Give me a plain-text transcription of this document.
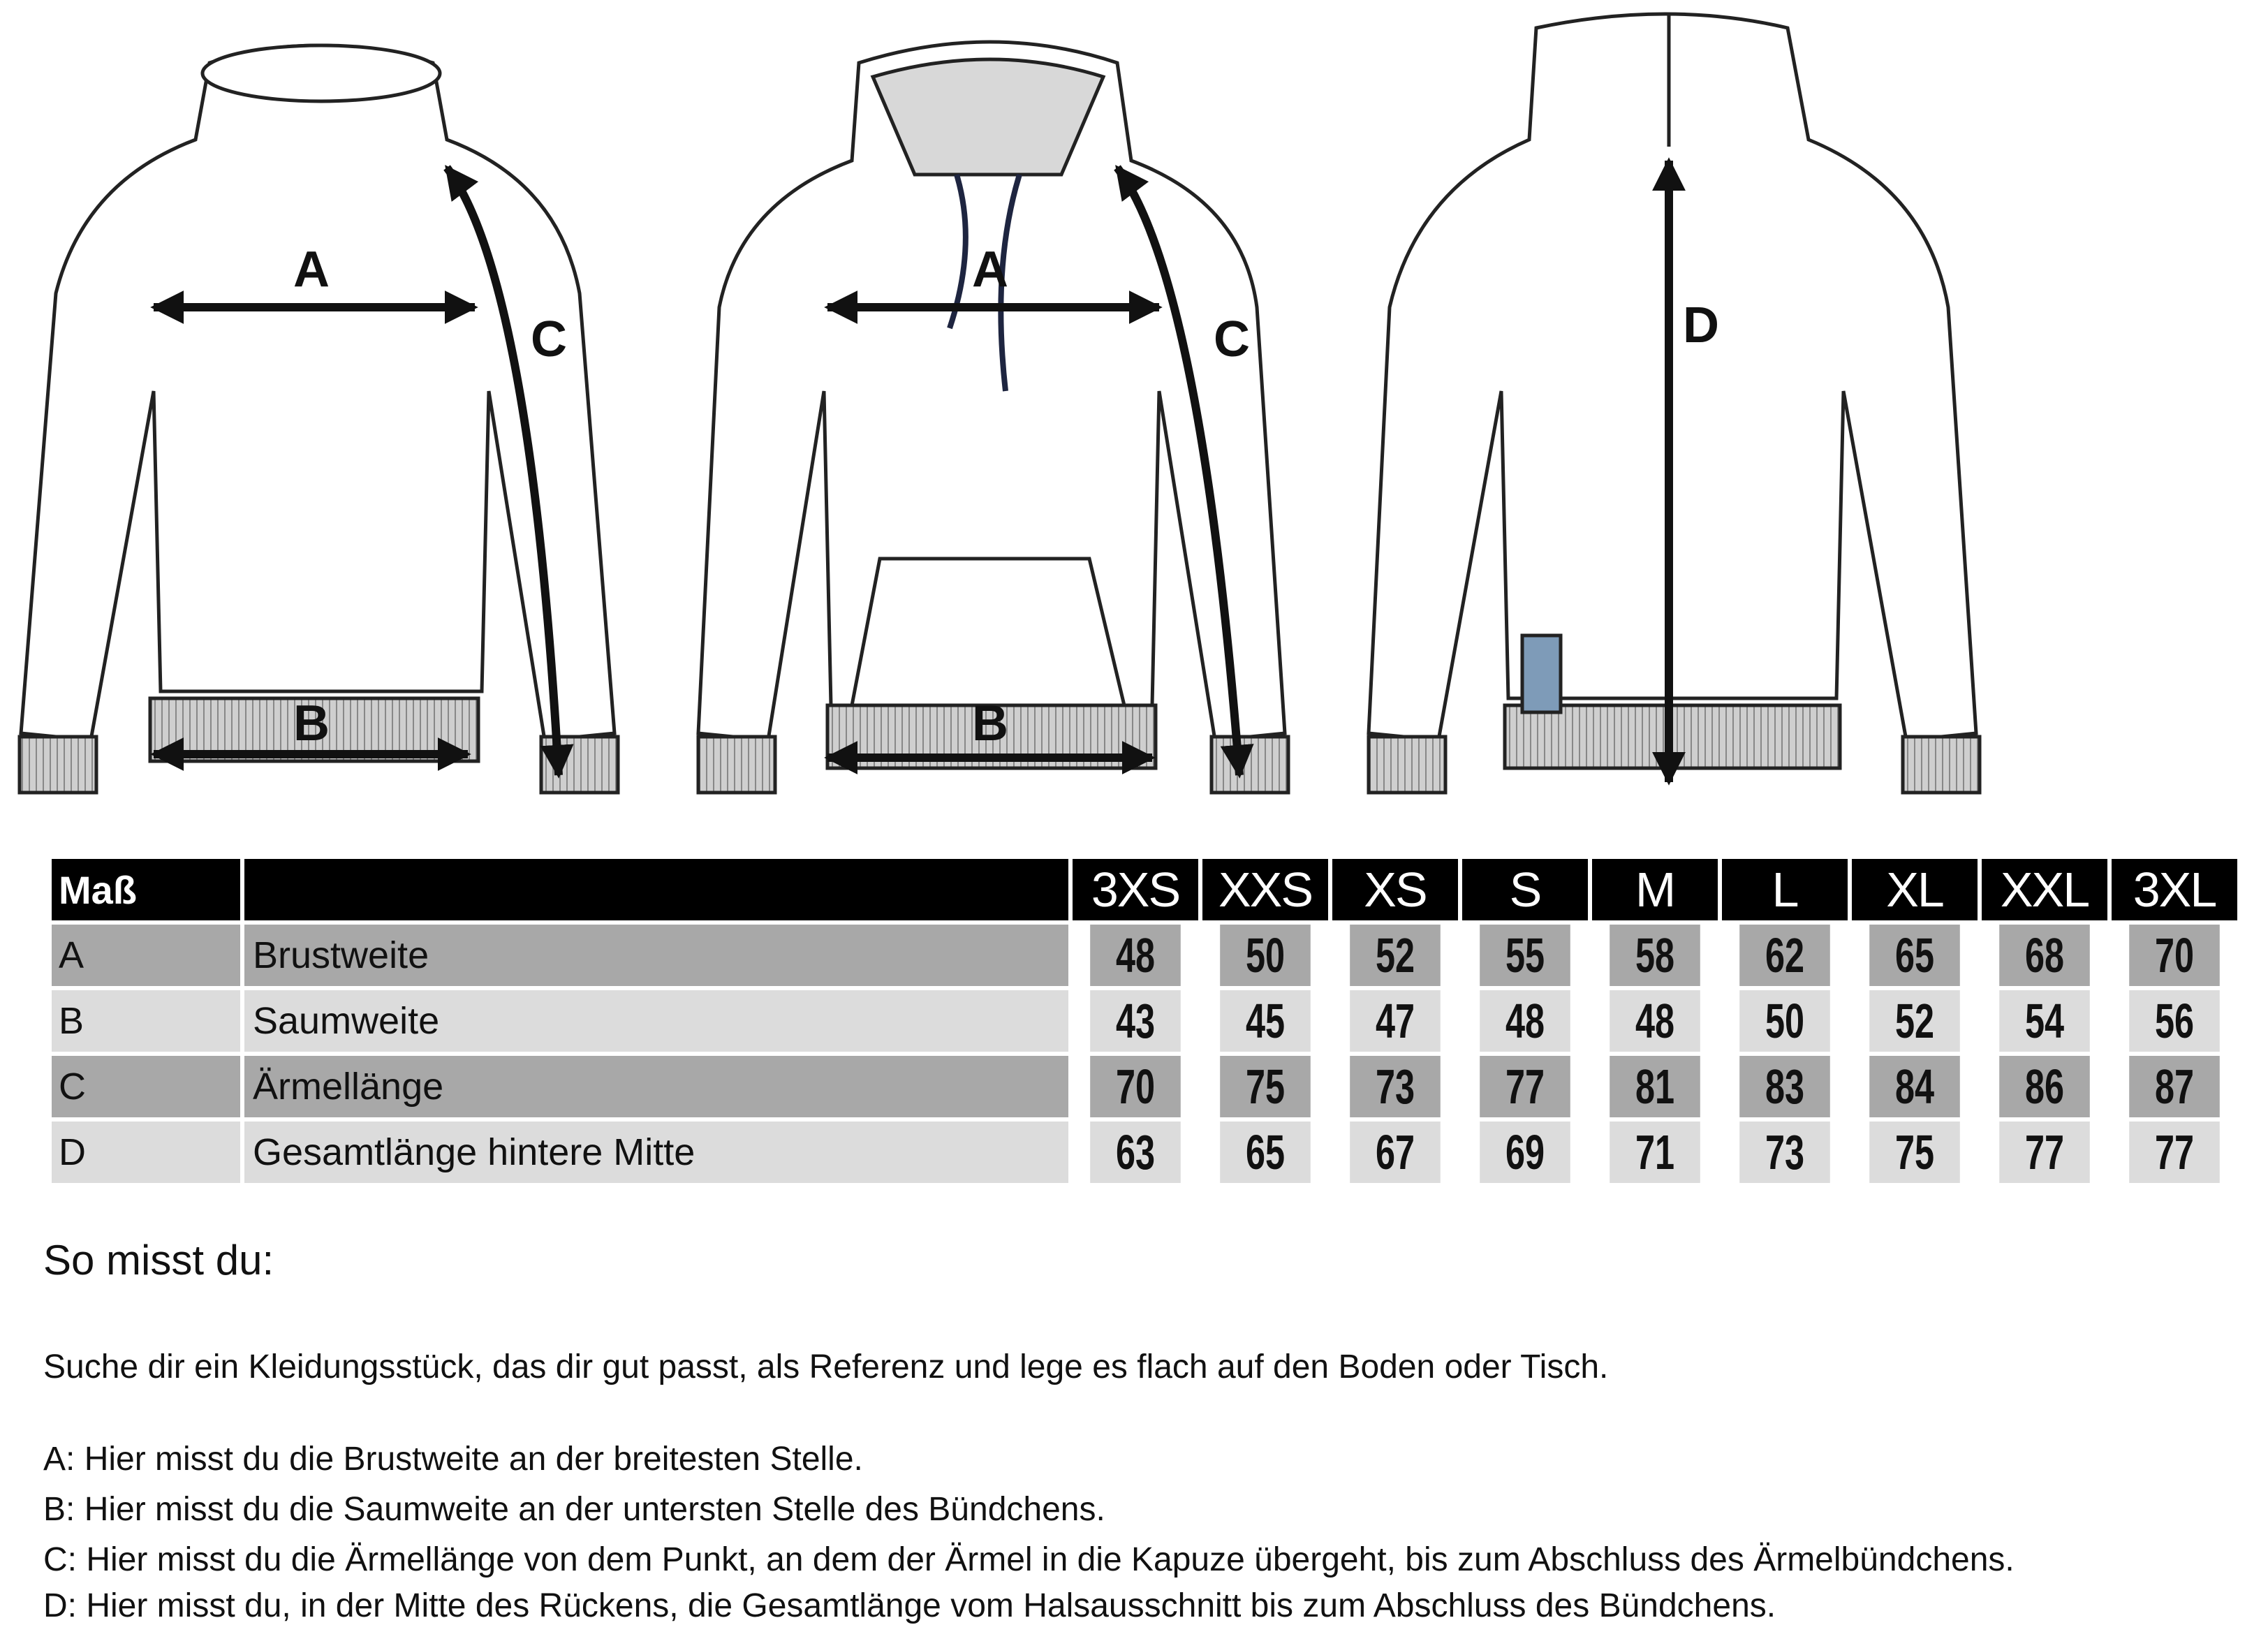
A
B
C
A
B
C	D
Maß		3XS	XXS	XS	S	M	L	XL	XXL	3XL
A	Brustweite	48	50	52	55	58	62	65	68	70
B	Saumweite	43	45	47	48	48	50	52	54	56
C	Ärmellänge	70	75	73	77	81	83	84	86	87
D	Gesamtlänge hintere Mitte	63	65	67	69	71	73	75	77	77
So misst du:
Suche dir ein Kleidungsstück, das dir gut passt, als Referenz und lege es flach auf den Boden oder Tisch.
A: Hier misst du die Brustweite an der breitesten Stelle.
B: Hier misst du die Saumweite an der untersten Stelle des Bündchens.
C: Hier misst du die Ärmellänge von dem Punkt, an dem der Ärmel in die Kapuze übergeht, bis zum Abschluss des Ärmelbündchens.
D: Hier misst du, in der Mitte des Rückens, die Gesamtlänge vom Halsausschnitt bis zum Abschluss des Bündchens.
